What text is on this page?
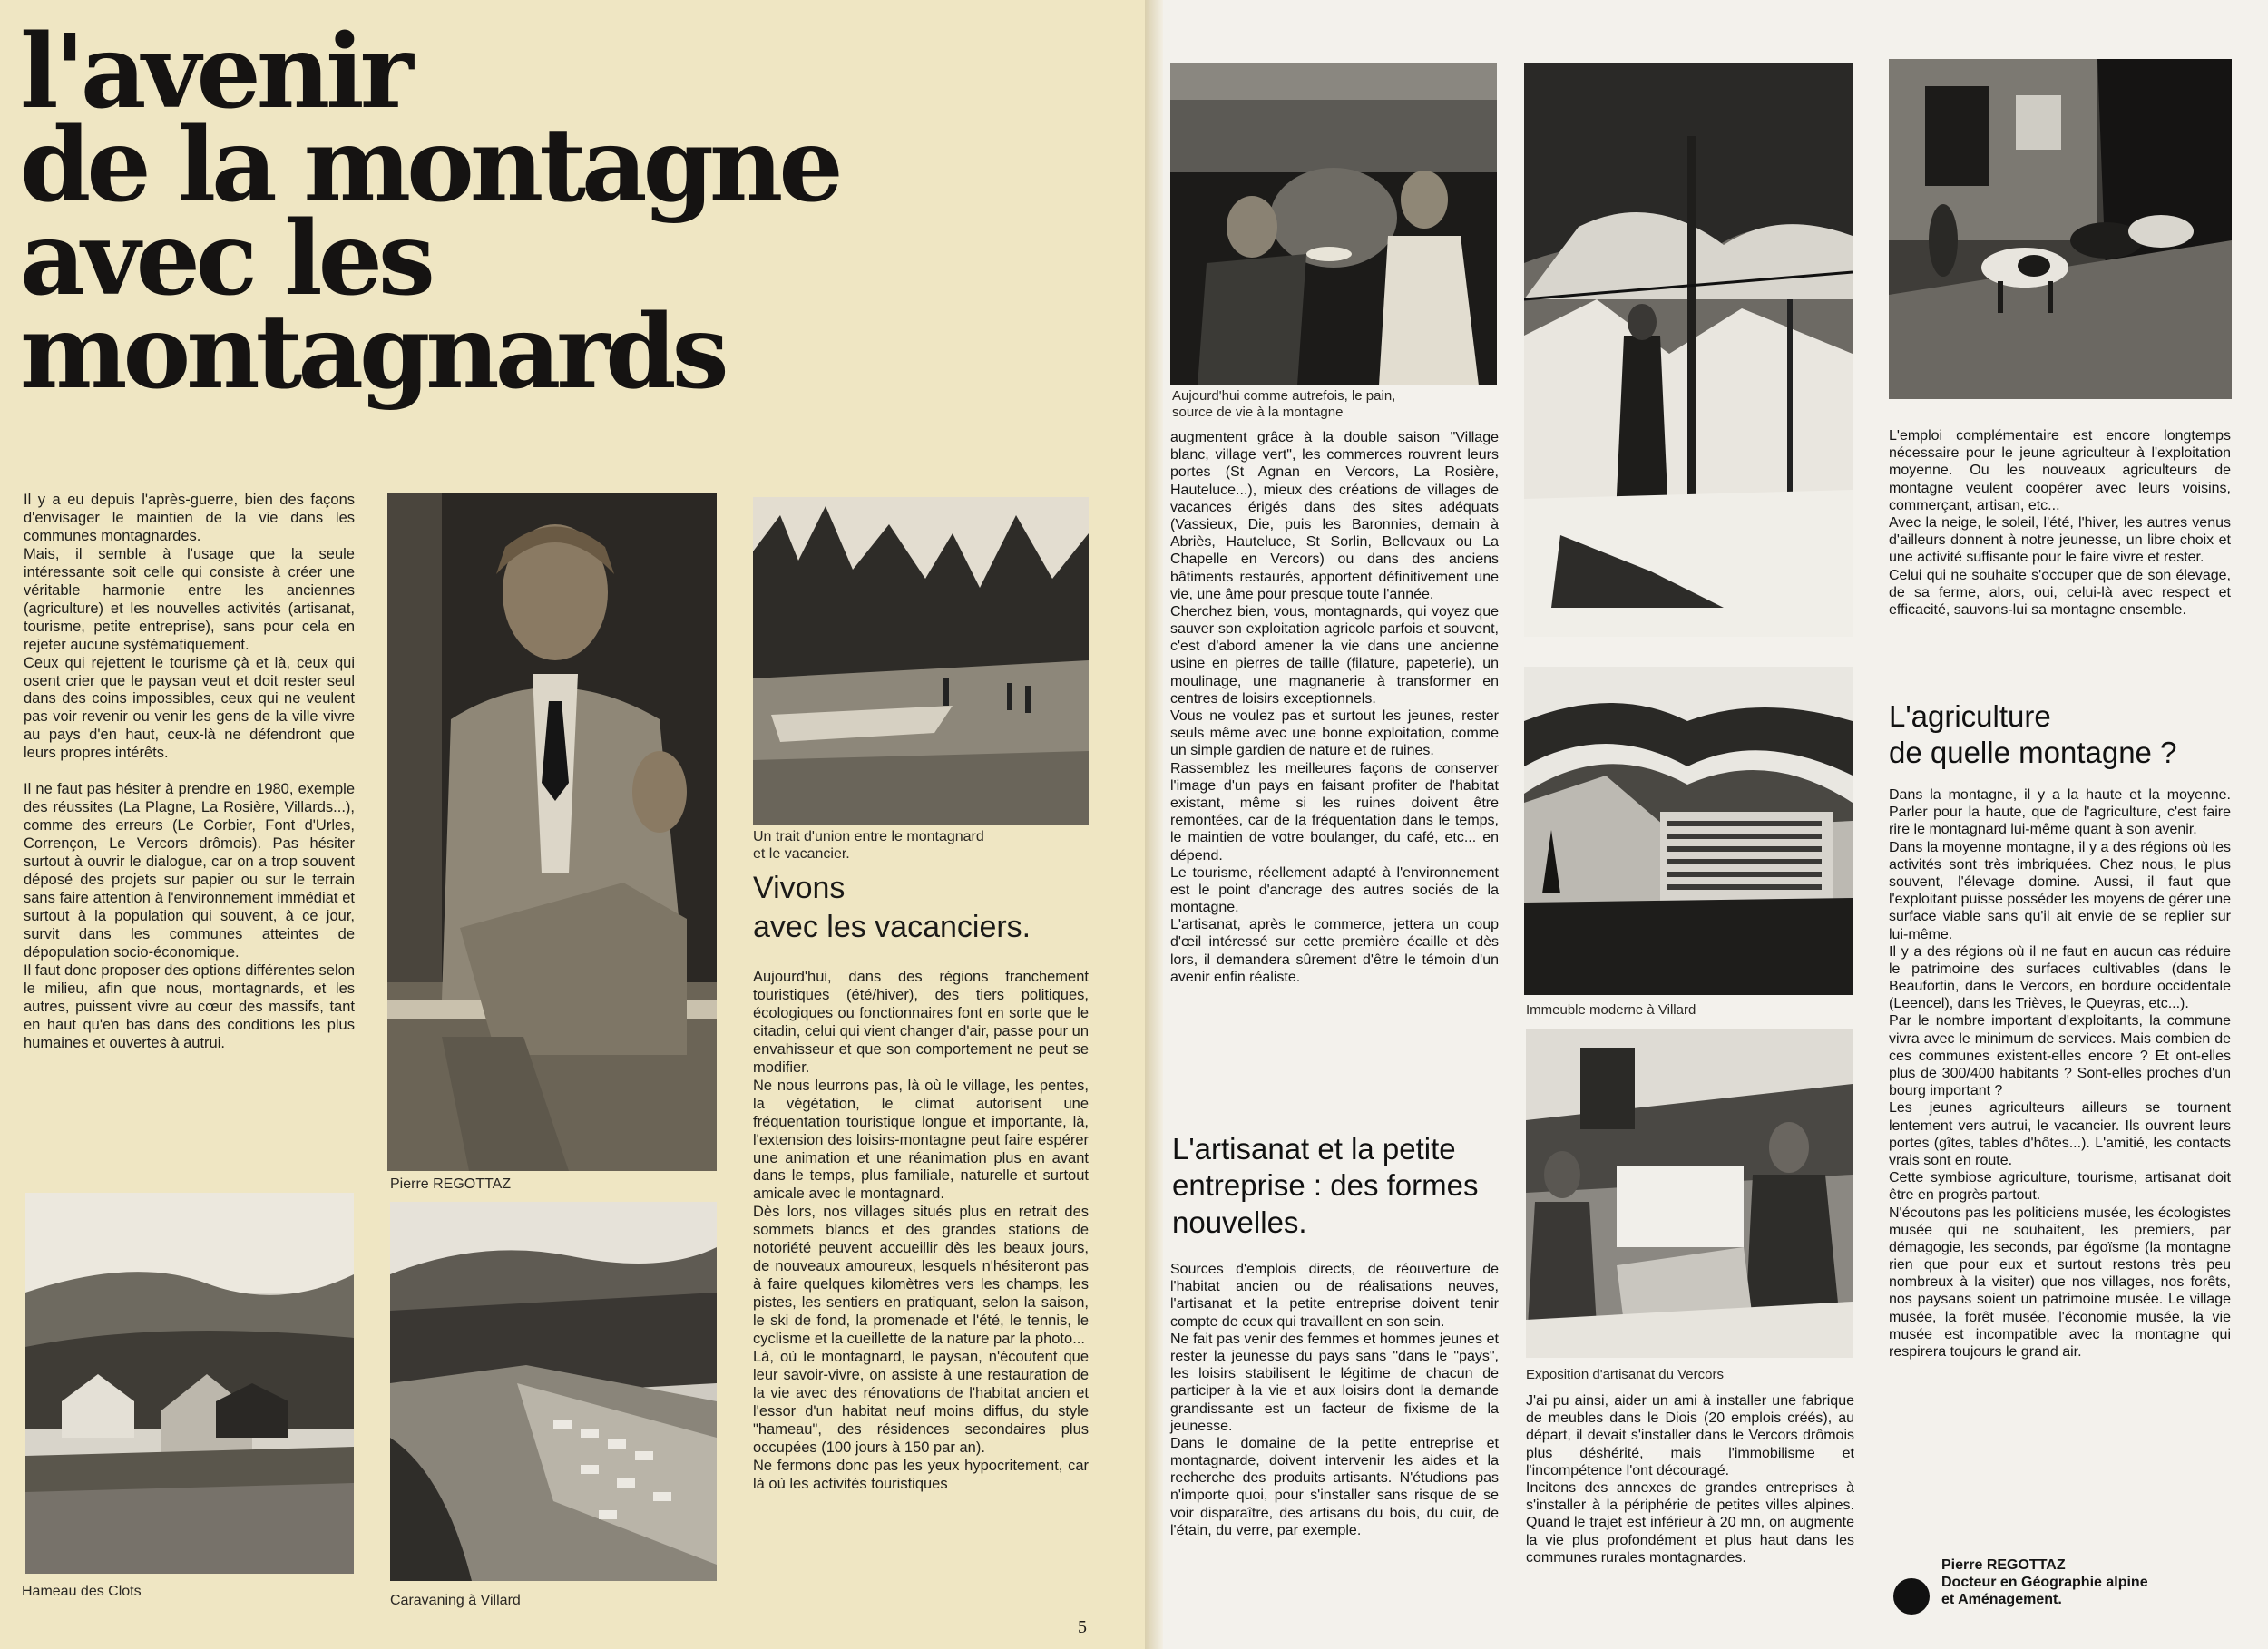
l'avenir
de la montagne
avec les
montagnards
Il y a eu depuis l'après-guerre, bien des façons d'envisager le maintien de la vie dans les communes montagnardes.
Mais, il semble à l'usage que la seule intéressante soit celle qui consiste à créer une véritable harmonie entre les anciennes (agriculture) et les nouvelles activités (artisanat, tourisme, petite entreprise), sans pour cela en rejeter aucune systématiquement.
Ceux qui rejettent le tourisme çà et là, ceux qui osent crier que le paysan veut et doit rester seul dans des coins impossibles, ceux qui ne veulent pas voir revenir ou venir les gens de la ville vivre au pays d'en haut, ceux-là ne défendront que leurs propres intérêts.

Il ne faut pas hésiter à prendre en 1980, exemple des réussites (La Plagne, La Rosière, Villards...), comme des erreurs (Le Corbier, Font d'Urles, Corrençon, Le Vercors drômois). Pas hésiter surtout à ouvrir le dialogue, car on a trop souvent déposé des projets sur papier ou sur le terrain sans faire attention à l'environnement immédiat et surtout à la population qui souvent, à ce jour, survit dans les communes atteintes de dépopulation socio-économique.
Il faut donc proposer des options différentes selon le milieu, afin que nous, montagnards, et les autres, puissent vivre au cœur des massifs, tant en haut qu'en bas dans des conditions les plus humaines et ouvertes à autrui.
Pierre REGOTTAZ
Un trait d'union entre le montagnard
et le vacancier.
Vivons
avec les vacanciers.
Aujourd'hui, dans des régions franchement touristiques (été/hiver), des tiers politiques, écologiques ou fonctionnaires font en sorte que le citadin, celui qui vient changer d'air, passe pour un envahisseur et que son comportement ne peut se modifier.
Ne nous leurrons pas, là où le village, les pentes, la végétation, le climat autorisent une fréquentation touristique longue et importante, là, l'extension des loisirs-montagne peut faire espérer une animation et une réanimation plus en avant dans le temps, plus familiale, naturelle et surtout amicale avec le montagnard.
Dès lors, nos villages situés plus en retrait des sommets blancs et des grandes stations de notoriété peuvent accueillir dès les beaux jours, de nouveaux amoureux, lesquels n'hésiteront pas à faire quelques kilomètres vers les champs, les pistes, les sentiers en pratiquant, selon la saison, le ski de fond, la promenade et l'été, le tennis, le cyclisme et la cueillette de la nature par la photo...
Là, où le montagnard, le paysan, n'écoutent que leur savoir-vivre, on assiste à une restauration de la vie avec des rénovations de l'habitat ancien et l'essor d'un habitat neuf moins diffus, du style "hameau", des résidences secondaires plus occupées (100 jours à 150 par an).
Ne fermons donc pas les yeux hypocritement, car là où les activités touristiques
Hameau des Clots
Caravaning à Villard
5
Aujourd'hui comme autrefois, le pain,
source de vie à la montagne
augmentent grâce à la double saison "Village blanc, village vert", les commerces rouvrent leurs portes (St Agnan en Vercors, La Rosière, Hauteluce...), mieux des créations de villages de vacances érigés dans des sites adéquats (Vassieux, Die, puis les Baronnies, demain à Abriès, Hauteluce, St Sorlin, Bellevaux ou La Chapelle en Vercors) ou dans des anciens bâtiments restaurés, apportent définitivement une vie, une âme pour presque toute l'année.
Cherchez bien, vous, montagnards, qui voyez que sauver son exploitation agricole parfois et souvent, c'est d'abord amener la vie dans une ancienne usine en pierres de taille (filature, papeterie), un moulinage, une magnanerie à transformer en centres de loisirs exceptionnels.
Vous ne voulez pas et surtout les jeunes, rester seuls même avec une bonne exploitation, comme un simple gardien de nature et de ruines.
Rassemblez les meilleures façons de conserver l'image d'un pays en faisant profiter de l'habitat existant, même si les ruines doivent être remontées, car de la fréquentation dans le temps, le maintien de votre boulanger, du café, etc... en dépend.
Le tourisme, réellement adapté à l'environnement est le point d'ancrage des autres sociés de la montagne.
L'artisanat, après le commerce, jettera un coup d'œil intéressé sur cette première écaille et dès lors, il demandera sûrement d'être le témoin d'un avenir enfin réaliste.
L'artisanat et la petite
entreprise : des formes
nouvelles.
Sources d'emplois directs, de réouverture de l'habitat ancien ou de réalisations neuves, l'artisanat et la petite entreprise doivent tenir compte de ceux qui travaillent en son sein.
Ne fait pas venir des femmes et hommes jeunes et rester la jeunesse du pays sans "dans le "pays", les loisirs stabilisent le légitime de chacun de participer à la vie et aux loisirs dont la demande grandissante est un facteur de fixisme de la jeunesse.
Dans le domaine de la petite entreprise et montagnarde, doivent intervenir les aides et la recherche des produits artisants. N'étudions pas n'importe quoi, pour s'installer sans risque de se voir disparaître, des artisans du bois, du cuir, de l'étain, du verre, par exemple.
Immeuble moderne à Villard
Exposition d'artisanat du Vercors
J'ai pu ainsi, aider un ami à installer une fabrique de meubles dans le Diois (20 emplois créés), au départ, il devait s'installer dans le Vercors drômois plus déshérité, mais l'immobilisme et l'incompétence l'ont découragé.
Incitons des annexes de grandes entreprises à s'installer à la périphérie de petites villes alpines. Quand le trajet est inférieur à 20 mn, on augmente la vie plus profondément et plus haut dans les communes rurales montagnardes.
L'emploi complémentaire est encore longtemps nécessaire pour le jeune agriculteur à l'exploitation moyenne. Ou les nouveaux agriculteurs de montagne veulent coopérer avec leurs voisins, commerçant, artisan, etc...
Avec la neige, le soleil, l'été, l'hiver, les autres venus d'ailleurs donnent à notre jeunesse, un libre choix et une activité suffisante pour le faire vivre et rester.
Celui qui ne souhaite s'occuper que de son élevage, de sa ferme, alors, oui, celui-là avec respect et efficacité, sauvons-lui sa montagne ensemble.
L'agriculture
de quelle montagne ?
Dans la montagne, il y a la haute et la moyenne. Parler pour la haute, que de l'agriculture, c'est faire rire le montagnard lui-même quant à son avenir.
Dans la moyenne montagne, il y a des régions où les activités sont très imbriquées. Chez nous, le plus souvent, l'élevage domine. Aussi, il faut que l'exploitant puisse posséder les moyens de gérer une surface viable sans qu'il ait envie de se replier sur lui-même.
Il y a des régions où il ne faut en aucun cas réduire le patrimoine des surfaces cultivables (dans le Beaufortin, dans le Vercors, en bordure occidentale (Leencel), dans les Trièves, le Queyras, etc...).
Par le nombre important d'exploitants, la commune vivra avec le minimum de services. Mais combien de ces communes existent-elles encore ? Et ont-elles plus de 300/400 habitants ? Sont-elles proches d'un bourg important ?
Les jeunes agriculteurs ailleurs se tournent lentement vers autrui, le vacancier. Ils ouvrent leurs portes (gîtes, tables d'hôtes...). L'amitié, les contacts vrais sont en route.
Cette symbiose agriculture, tourisme, artisanat doit être en progrès partout.
N'écoutons pas les politiciens musée, les écologistes musée qui ne souhaitent, les premiers, par démagogie, les seconds, par égoïsme (la montagne rien que pour eux et surtout restons très peu nombreux à la visiter) que nos villages, nos forêts, nos paysans soient un patrimoine musée. Le village musée, la forêt musée, l'économie musée, la vie musée est incompatible avec la montagne qui respirera toujours le grand air.
Pierre REGOTTAZ
Docteur en Géographie alpine
et Aménagement.
